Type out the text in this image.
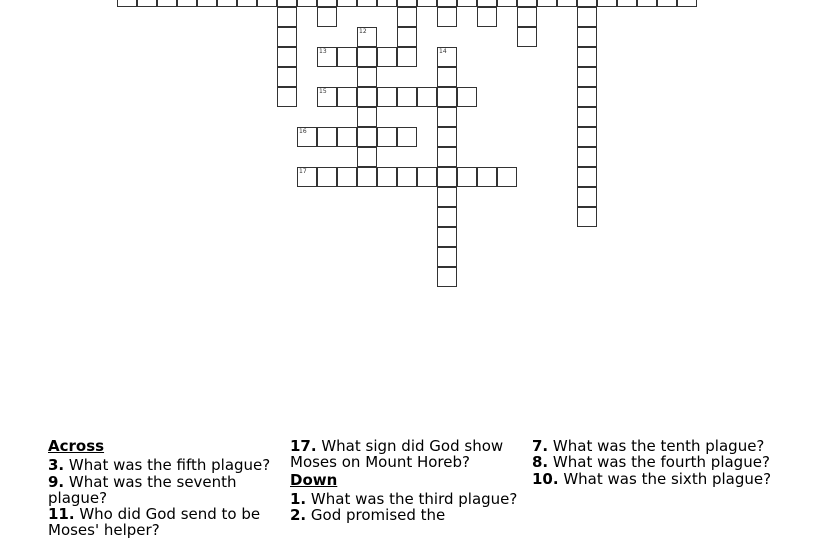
12
14
13
15
16
17
Across
3. What was the fifth plague?
9. What was the seventh plague?
11. Who did God send to be Moses' helper?
17. What sign did God show Moses on Mount Horeb?
Down
1. What was the third plague?
2. God promised the
7. What was the tenth plague?
8. What was the fourth plague?
10. What was the sixth plague?
